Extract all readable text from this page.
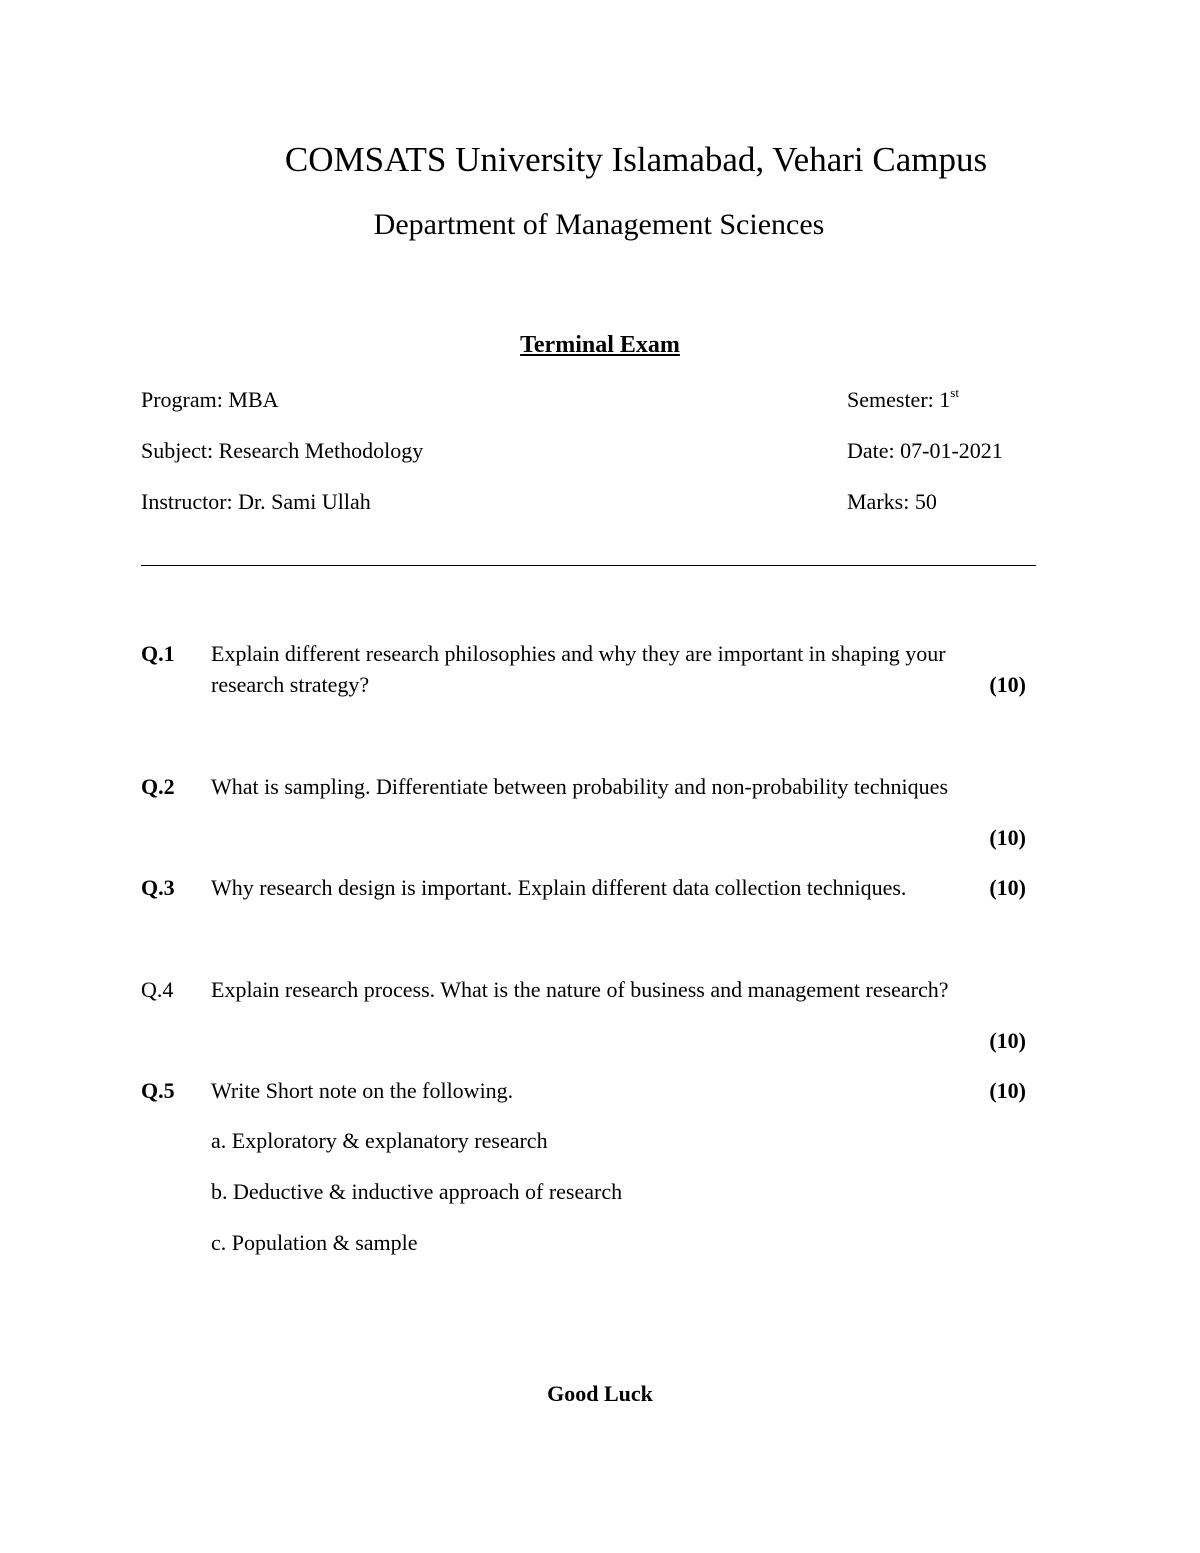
COMSATS University Islamabad, Vehari Campus
Department of Management Sciences
Terminal Exam
Program: MBA	Semester: 1st
Subject: Research Methodology	Date: 07-01-2021
Instructor: Dr. Sami Ullah	Marks: 50
Q.1 Explain different research philosophies and why they are important in shaping your
research strategy?	(10)
Q.2 What is sampling. Differentiate between probability and non-probability techniques
(10)
Q.3 Why research design is important. Explain different data collection techniques.	(10)
Q.4 Explain research process. What is the nature of business and management research?
(10)
Q.5 Write Short note on the following.	(10)
a. Exploratory & explanatory research
b. Deductive & inductive approach of research
c. Population & sample
Good Luck
